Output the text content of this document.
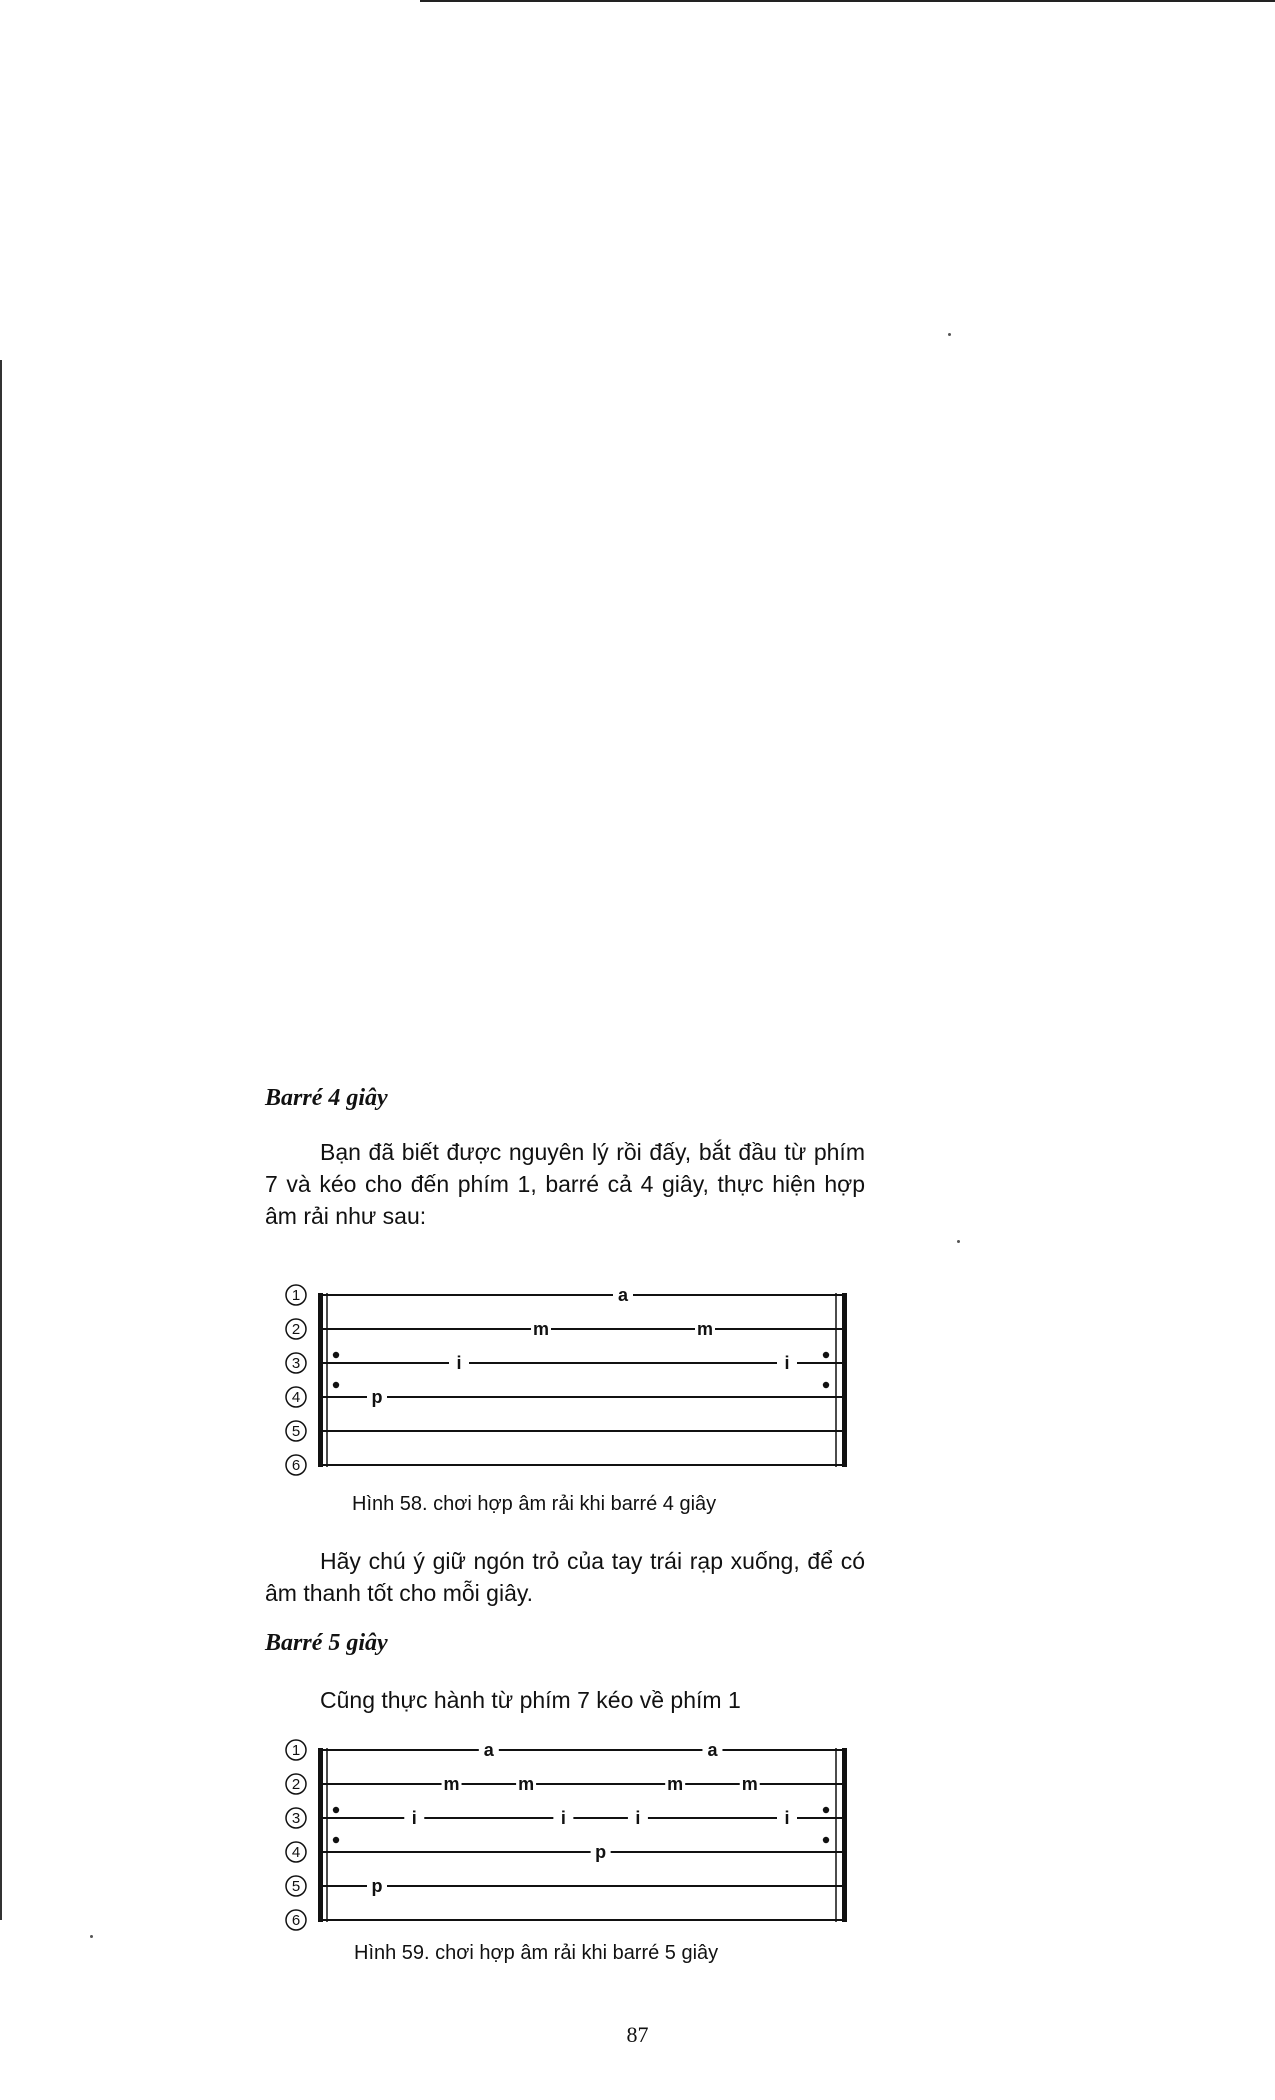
Barré 4 giây

Bạn đã biết được nguyên lý rồi đấy, bắt đầu từ phím 7 và kéo cho đến phím 1, barré cả 4 giây, thực hiện hợp âm rải như sau:

1
2
3
4
5
6
p
i
m
a
m
i

Hình 58. chơi hợp âm rải khi barré 4 giây

Hãy chú ý giữ ngón trỏ của tay trái rạp xuống, để có âm thanh tốt cho mỗi giây.

Barré 5 giây

Cũng thực hành từ phím 7 kéo về phím 1

1
2
3
4
5
6
p
i
m
a
m
i
p
i
m
a
m
i

Hình 59. chơi hợp âm rải khi barré 5 giây

87
